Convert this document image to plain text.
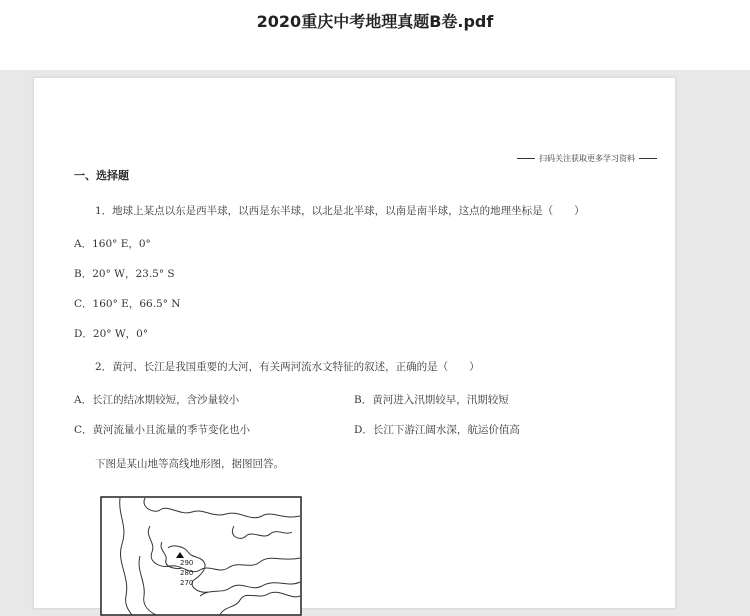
2020重庆中考地理真题B卷.pdf
扫码关注获取更多学习资料
一、选择题
1．地球上某点以东是西半球，以西是东半球，以北是北半球，以南是南半球，这点的地理坐标是（　　）
A．160° E，0°
B．20° W，23.5° S
C．160° E，66.5° N
D．20° W，0°
2．黄河、长江是我国重要的大河，有关两河流水文特征的叙述，正确的是（　　）
A．长江的结冰期较短，含沙量较小	B．黄河进入汛期较早，汛期较短
C．黄河流量小且流量的季节变化也小	D．长江下游江阔水深，航运价值高
下图是某山地等高线地形图，据图回答。
290
280
270
